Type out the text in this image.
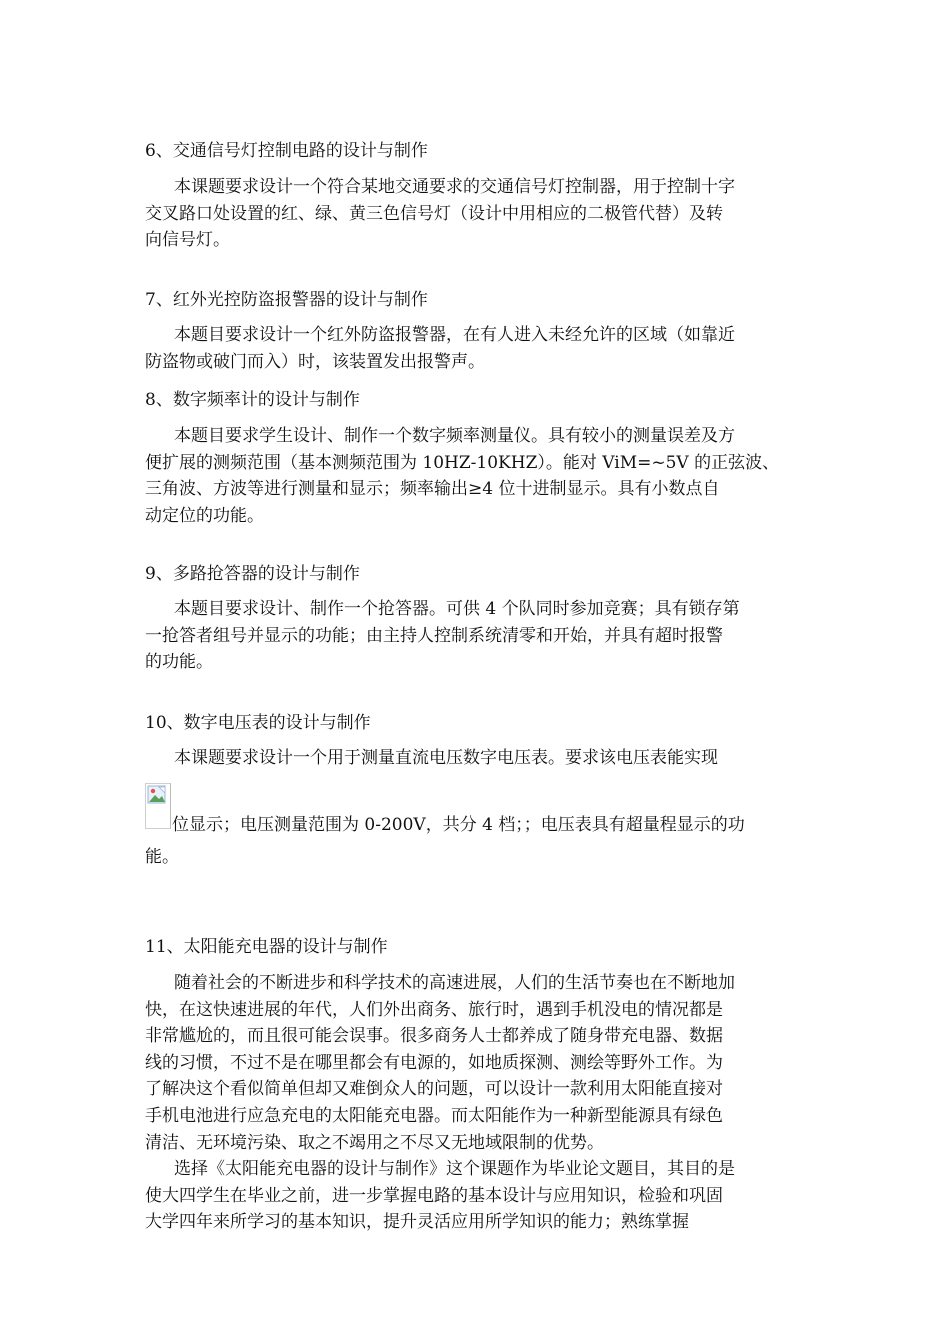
6、交通信号灯控制电路的设计与制作
本课题要求设计一个符合某地交通要求的交通信号灯控制器，用于控制十字
交叉路口处设置的红、绿、黄三色信号灯（设计中用相应的二极管代替）及转
向信号灯。
7、红外光控防盗报警器的设计与制作
本题目要求设计一个红外防盗报警器，在有人进入未经允许的区域（如靠近
防盗物或破门而入）时，该装置发出报警声。
8、数字频率计的设计与制作
本题目要求学生设计、制作一个数字频率测量仪。具有较小的测量误差及方
便扩展的测频范围（基本测频范围为 10HZ-10KHZ）。能对 ViM=~5V 的正弦波、
三角波、方波等进行测量和显示；频率输出≥4 位十进制显示。具有小数点自
动定位的功能。
9、多路抢答器的设计与制作
本题目要求设计、制作一个抢答器。可供 4 个队同时参加竞赛；具有锁存第
一抢答者组号并显示的功能；由主持人控制系统清零和开始，并具有超时报警
的功能。
10、数字电压表的设计与制作
本课题要求设计一个用于测量直流电压数字电压表。要求该电压表能实现
位显示；电压测量范围为 0-200V，共分 4 档；；电压表具有超量程显示的功
能。
11、太阳能充电器的设计与制作
随着社会的不断进步和科学技术的高速进展，人们的生活节奏也在不断地加
快，在这快速进展的年代，人们外出商务、旅行时，遇到手机没电的情况都是
非常尴尬的，而且很可能会误事。很多商务人士都养成了随身带充电器、数据
线的习惯，不过不是在哪里都会有电源的，如地质探测、测绘等野外工作。为
了解决这个看似简单但却又难倒众人的问题，可以设计一款利用太阳能直接对
手机电池进行应急充电的太阳能充电器。而太阳能作为一种新型能源具有绿色
清洁、无环境污染、取之不竭用之不尽又无地域限制的优势。
选择《太阳能充电器的设计与制作》这个课题作为毕业论文题目，其目的是
使大四学生在毕业之前，进一步掌握电路的基本设计与应用知识，检验和巩固
大学四年来所学习的基本知识，提升灵活应用所学知识的能力；熟练掌握
